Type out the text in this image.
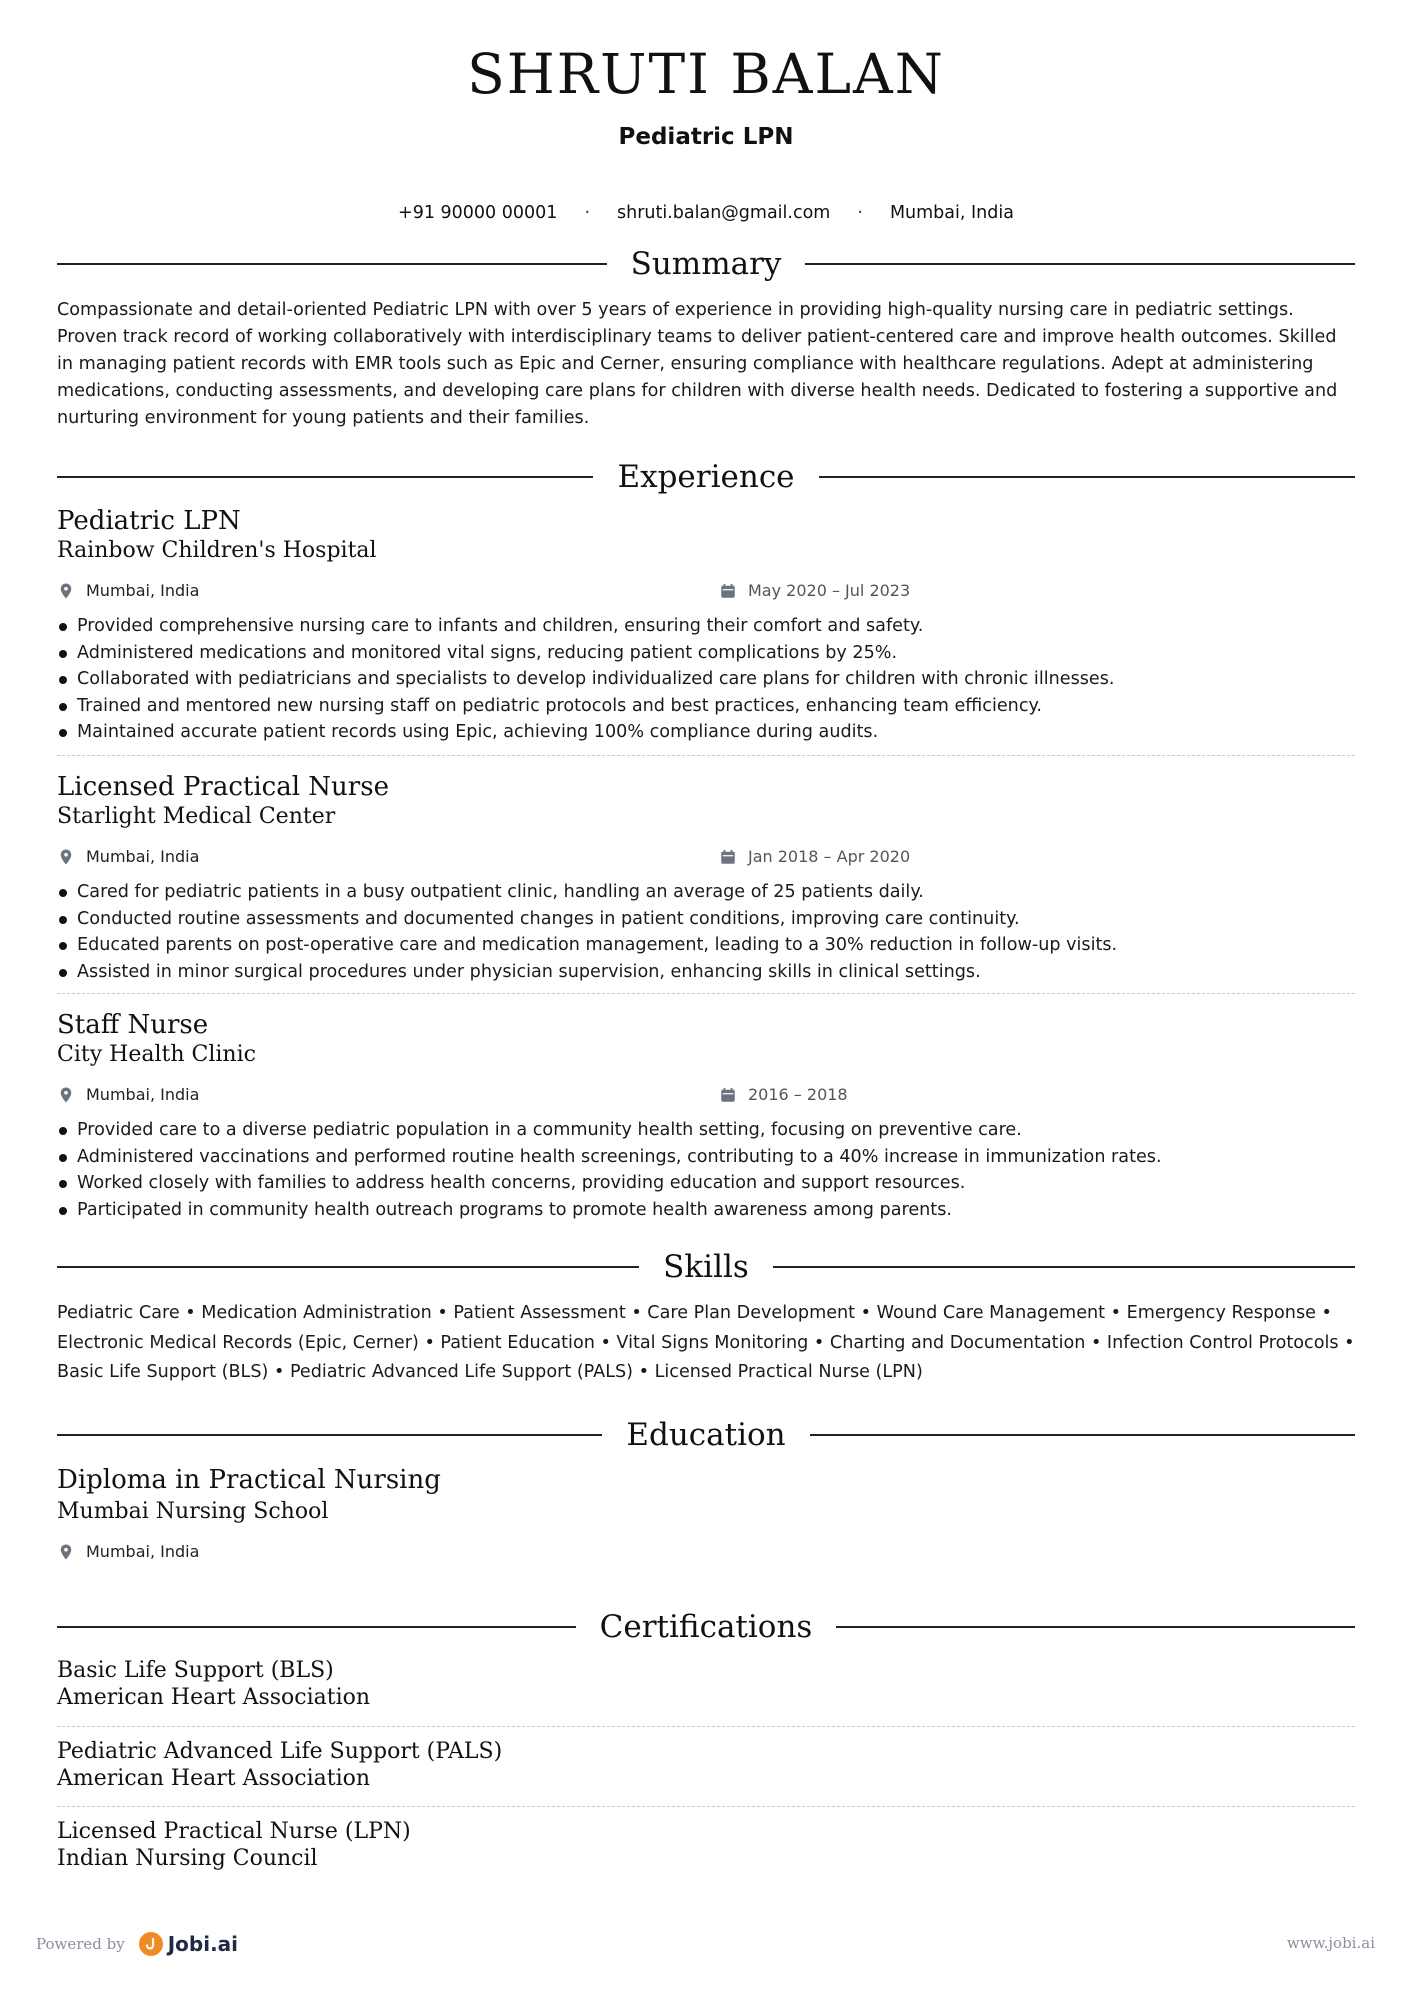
SHRUTI BALAN
Pediatric LPN
+91 90000 00001 · shruti.balan@gmail.com · Mumbai, India
Summary

Compassionate and detail-oriented Pediatric LPN with over 5 years of experience in providing high-quality nursing care in pediatric settings. Proven track record of working collaboratively with interdisciplinary teams to deliver patient-centered care and improve health outcomes. Skilled in managing patient records with EMR tools such as Epic and Cerner, ensuring compliance with healthcare regulations. Adept at administering medications, conducting assessments, and developing care plans for children with diverse health needs. Dedicated to fostering a supportive and nurturing environment for young patients and their families.

Experience
Pediatric LPN
Rainbow Children's Hospital
Mumbai, India	May 2020 – Jul 2023
Provided comprehensive nursing care to infants and children, ensuring their comfort and safety.
Administered medications and monitored vital signs, reducing patient complications by 25%.
Collaborated with pediatricians and specialists to develop individualized care plans for children with chronic illnesses.
Trained and mentored new nursing staff on pediatric protocols and best practices, enhancing team efficiency.
Maintained accurate patient records using Epic, achieving 100% compliance during audits.
Licensed Practical Nurse
Starlight Medical Center
Mumbai, India	Jan 2018 – Apr 2020
Cared for pediatric patients in a busy outpatient clinic, handling an average of 25 patients daily.
Conducted routine assessments and documented changes in patient conditions, improving care continuity.
Educated parents on post-operative care and medication management, leading to a 30% reduction in follow-up visits.
Assisted in minor surgical procedures under physician supervision, enhancing skills in clinical settings.
Staff Nurse
City Health Clinic
Mumbai, India	2016 – 2018
Provided care to a diverse pediatric population in a community health setting, focusing on preventive care.
Administered vaccinations and performed routine health screenings, contributing to a 40% increase in immunization rates.
Worked closely with families to address health concerns, providing education and support resources.
Participated in community health outreach programs to promote health awareness among parents.
Skills
Pediatric Care • Medication Administration • Patient Assessment • Care Plan Development • Wound Care Management • Emergency Response • Electronic Medical Records (Epic, Cerner) • Patient Education • Vital Signs Monitoring • Charting and Documentation • Infection Control Protocols • Basic Life Support (BLS) • Pediatric Advanced Life Support (PALS) • Licensed Practical Nurse (LPN)
Education
Diploma in Practical Nursing
Mumbai Nursing School
Mumbai, India
Certifications
Basic Life Support (BLS)
American Heart Association
Pediatric Advanced Life Support (PALS)
American Heart Association
Licensed Practical Nurse (LPN)
Indian Nursing Council
Powered by Jobi.ai	www.jobi.ai
